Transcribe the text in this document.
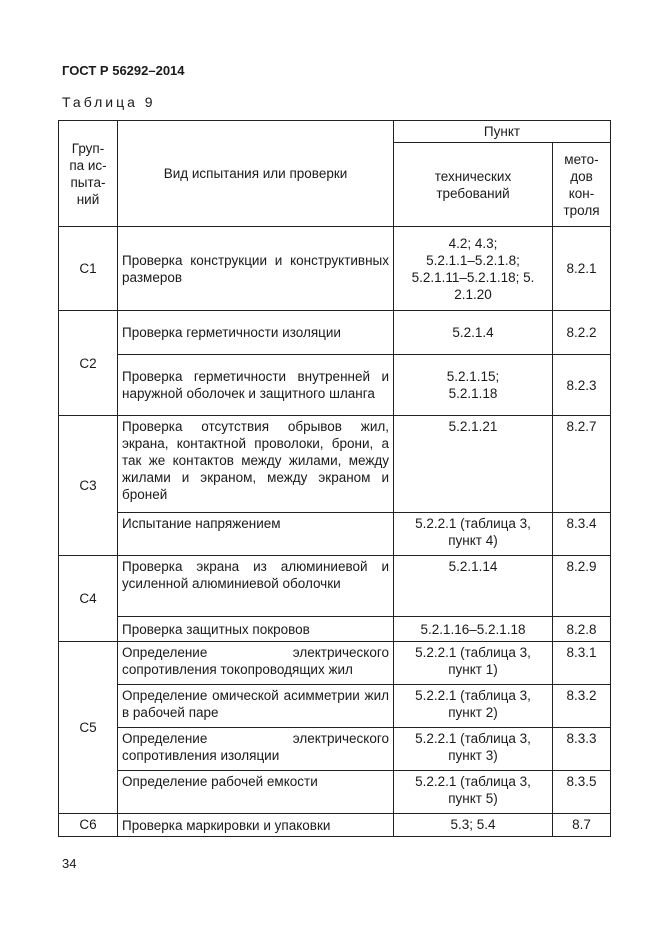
ГОСТ Р 56292–2014
Таблица 9
Груп-
па ис-
пыта-
ний	Вид испытания или проверки	Пункт	
		технических
требований	мето-
дов
кон-
троля
С1	Проверка конструкции и конструктивных размеров	4.2; 4.3;
5.2.1.1–5.2.1.8;
5.2.1.11–5.2.1.18; 5.
2.1.20	8.2.1
С2	Проверка герметичности изоляции	5.2.1.4	8.2.2
	Проверка герметичности внутренней и наружной оболочек и защитного шланга	5.2.1.15;
5.2.1.18	8.2.3
С3	Проверка отсутствия обрывов жил, экрана, контактной проволоки, брони, а так же контактов между жилами, между жилами и экраном, между экраном и броней	5.2.1.21	8.2.7
	Испытание напряжением	5.2.2.1 (таблица 3,
пункт 4)	8.3.4
С4	Проверка экрана из алюминиевой и усиленной алюминиевой оболочки	5.2.1.14	8.2.9
	Проверка защитных покровов	5.2.1.16–5.2.1.18	8.2.8
С5	Определение электрического сопротивления токопроводящих жил	5.2.2.1 (таблица 3,
пункт 1)	8.3.1
	Определение омической асимметрии жил в рабочей паре	5.2.2.1 (таблица 3,
пункт 2)	8.3.2
	Определение электрического сопротивления изоляции	5.2.2.1 (таблица 3,
пункт 3)	8.3.3
	Определение рабочей емкости	5.2.2.1 (таблица 3,
пункт 5)	8.3.5
С6	Проверка маркировки и упаковки	5.3; 5.4	8.7
34
